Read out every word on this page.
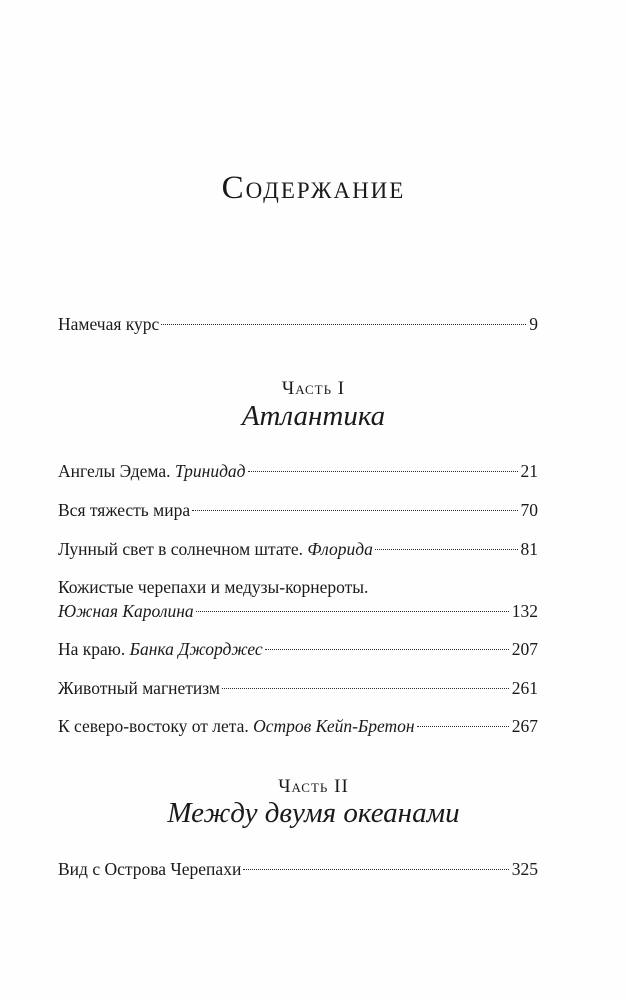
Содержание
Намечая курс	9
Часть I
Атлантика
Ангелы Эдема. Тринидад	21
Вся тяжесть мира	70
Лунный свет в солнечном штате. Флорида	81
Кожистые черепахи и медузы-корнероты.
Южная Каролина	132
На краю. Банка Джорджес	207
Животный магнетизм	261
К северо-востоку от лета. Остров Кейп-Бретон	267
Часть II
Между двумя океанами
Вид с Острова Черепахи	325
